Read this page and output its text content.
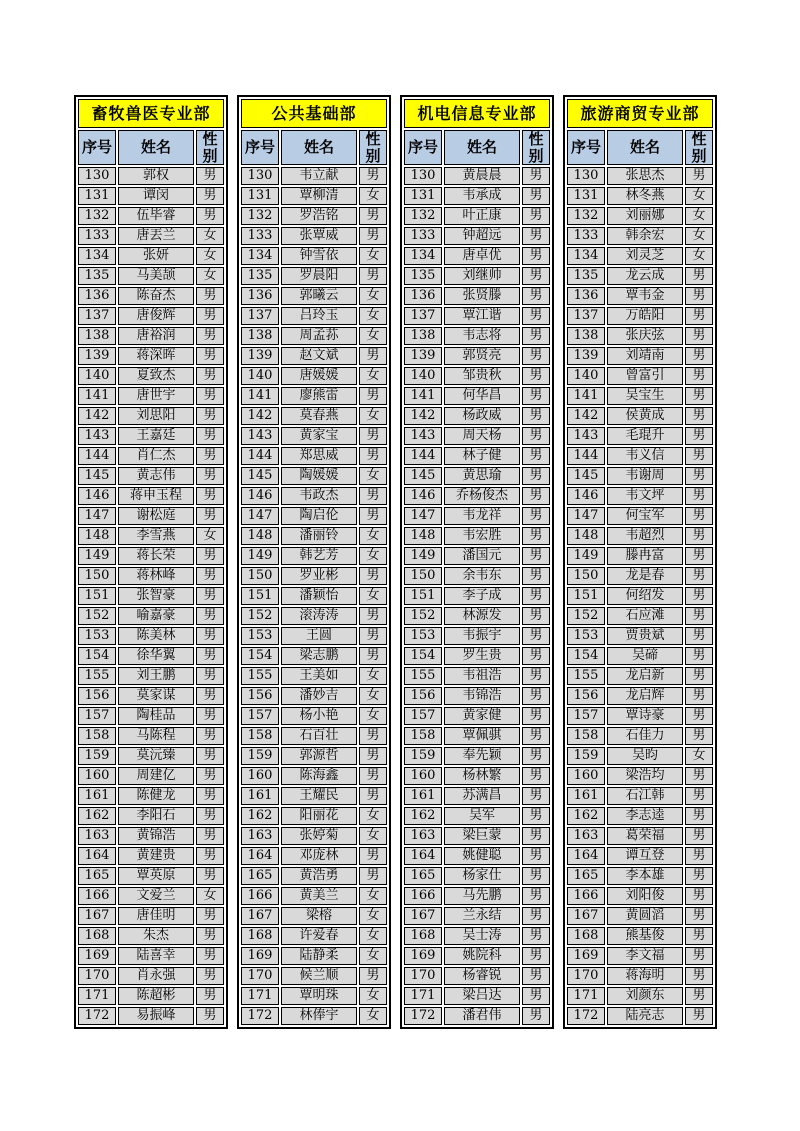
畜牧兽医专业部		
序号	姓名	性别
130	郭权	男
131	谭闵	男
132	伍毕睿	男
133	唐丟兰	女
134	张妍	女
135	马美颉	女
136	陈奋杰	男
137	唐俊辉	男
138	唐裕润	男
139	蒋深晖	男
140	夏致杰	男
141	唐世宇	男
142	刘思阳	男
143	王嘉廷	男
144	肖仁杰	男
145	黄志伟	男
146	蒋申玉程	男
147	谢松庭	男
148	李雪燕	女
149	蒋长荣	男
150	蒋林峰	男
151	张智豪	男
152	喻嘉豪	男
153	陈美林	男
154	徐华翼	男
155	刘王鹏	男
156	莫家谋	男
157	陶桂品	男
158	马陈程	男
159	莫沅臻	男
160	周建亿	男
161	陈健龙	男
162	李阳石	男
163	黄锦浩	男
164	黄建贵	男
165	覃英原	男
166	文爱兰	女
167	唐佳明	男
168	朱杰	男
169	陆喜幸	男
170	肖永强	男
171	陈超彬	男
172	易振峰	男
公共基础部		
序号	姓名	性别
130	韦立献	男
131	覃柳清	女
132	罗浩铭	男
133	张覃威	男
134	钟雪依	女
135	罗晨阳	男
136	郭曦云	女
137	吕玲玉	女
138	周孟荪	女
139	赵文斌	男
140	唐媛媛	女
141	廖熊雷	男
142	莫春燕	女
143	黄家宝	男
144	郑思威	男
145	陶媛媛	女
146	韦政杰	男
147	陶启伦	男
148	潘丽铃	女
149	韩艺芳	女
150	罗业彬	男
151	潘颖怡	女
152	滚涛涛	男
153	王圆	男
154	梁志鹏	男
155	王美如	女
156	潘妙吉	女
157	杨小艳	女
158	石百壮	男
159	郭源哲	男
160	陈海鑫	男
161	王耀民	男
162	阳丽花	女
163	张婷菊	女
164	邓庞林	男
165	黄浩勇	男
166	黄美兰	女
167	梁榕	女
168	许爱春	女
169	陆静柔	女
170	候兰顺	男
171	覃明珠	女
172	林俸宇	女
机电信息专业部		
序号	姓名	性别
130	黄晨晨	男
131	韦承成	男
132	叶正康	男
133	钟超远	男
134	唐卓优	男
135	刘继帅	男
136	张贤滕	男
137	覃江谐	男
138	韦志将	男
139	郭贤亮	男
140	邹贵秋	男
141	何华昌	男
142	杨政威	男
143	周天杨	男
144	林子健	男
145	黄思瑜	男
146	乔杨俊杰	男
147	韦龙祥	男
148	韦宏胜	男
149	潘国元	男
150	余韦东	男
151	李子成	男
152	林源发	男
153	韦振宇	男
154	罗生贵	男
155	韦祖浩	男
156	韦锦浩	男
157	黄家健	男
158	覃佩骐	男
159	奉先颖	男
160	杨林繁	男
161	苏满昌	男
162	吴军	男
163	梁巨蒙	男
164	姚健聪	男
165	杨家仕	男
166	马先鹏	男
167	兰永结	男
168	吴士涛	男
169	姚院科	男
170	杨睿锐	男
171	梁吕达	男
172	潘君伟	男
旅游商贸专业部		
序号	姓名	性别
130	张思杰	男
131	林冬燕	女
132	刘丽娜	女
133	韩余宏	女
134	刘灵芝	女
135	龙云成	男
136	覃韦金	男
137	万皓阳	男
138	张庆弦	男
139	刘靖南	男
140	曾富引	男
141	吴宝生	男
142	侯黄成	男
143	毛琨升	男
144	韦义信	男
145	韦谢周	男
146	韦文坪	男
147	何宝军	男
148	韦超烈	男
149	滕冉富	男
150	龙是春	男
151	何绍发	男
152	石应滩	男
153	贾贵斌	男
154	吴碲	男
155	龙启新	男
156	龙启辉	男
157	覃诗豪	男
158	石佳力	男
159	吴昀	女
160	梁浩均	男
161	石江韩	男
162	李志逵	男
163	葛荣福	男
164	谭互登	男
165	李本雄	男
166	刘阳俊	男
167	黄圆滔	男
168	熊基俊	男
169	李文福	男
170	蒋海明	男
171	刘颜东	男
172	陆亮志	男
